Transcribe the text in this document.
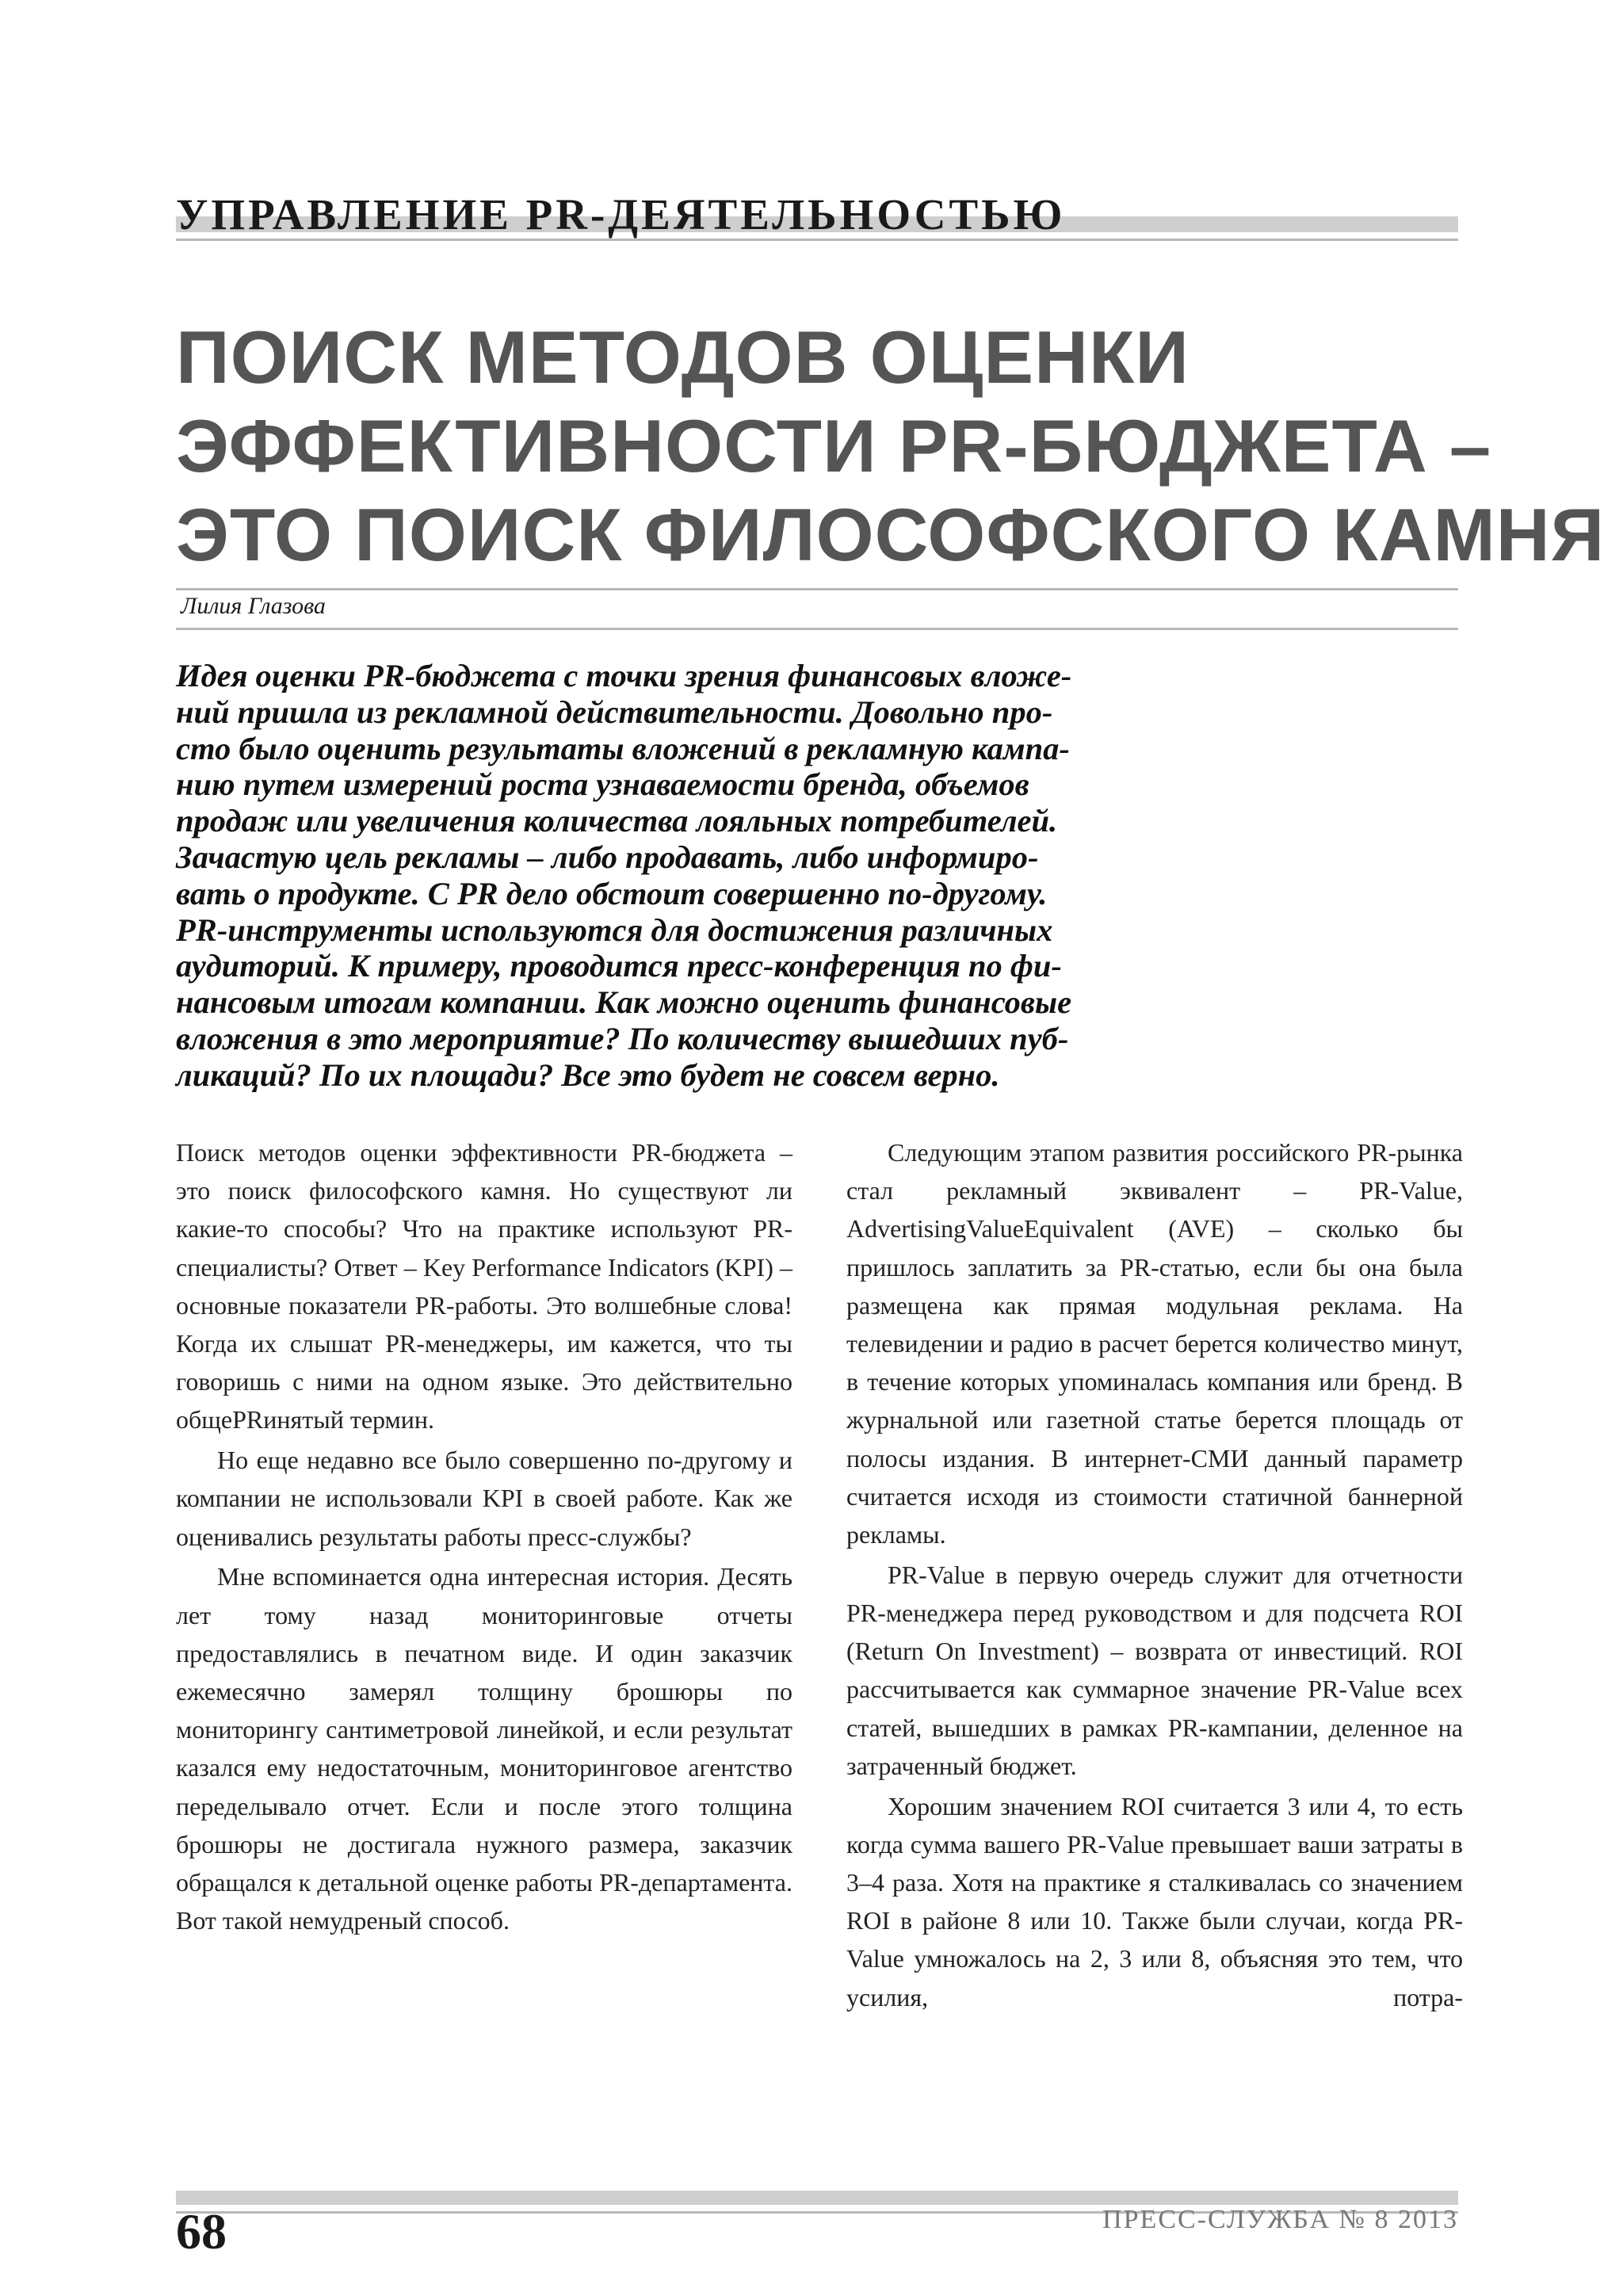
УПРАВЛЕНИЕ PR-ДЕЯТЕЛЬНОСТЬЮ
ПОИСК МЕТОДОВ ОЦЕНКИ
ЭФФЕКТИВНОСТИ PR-БЮДЖЕТА –
ЭТО ПОИСК ФИЛОСОФСКОГО КАМНЯ
Лилия Глазова
Идея оценки PR-бюджета с точки зрения финансовых вложе-
ний пришла из рекламной действительности. Довольно про-
сто было оценить результаты вложений в рекламную кампа-
нию путем измерений роста узнаваемости бренда, объемов
продаж или увеличения количества лояльных потребителей.
Зачастую цель рекламы – либо продавать, либо информиро-
вать о продукте. С PR дело обстоит совершенно по-другому.
PR-инструменты используются для достижения различных
аудиторий. К примеру, проводится пресс-конференция по фи-
нансовым итогам компании. Как можно оценить финансовые
вложения в это мероприятие? По количеству вышедших пуб-
ликаций? По их площади? Все это будет не совсем верно.

Поиск методов оценки эффективности PR-бюджета – это поиск философского камня. Но существуют ли какие-то способы? Что на практике используют PR-специалисты? Ответ – Key Performance Indicators (KPI) – основные показатели PR-работы. Это волшебные слова! Когда их слышат PR-менеджеры, им кажется, что ты говоришь с ними на одном языке. Это действительно общеPRинятый термин.

Но еще недавно все было совершенно по-другому и компании не использовали KPI в своей работе. Как же оценивались результаты работы пресс-службы?

Мне вспоминается одна интересная история. Десять лет тому назад мониторинговые отчеты предоставлялись в печатном виде. И один заказчик ежемесячно замерял толщину брошюры по мониторингу сантиметровой линейкой, и если результат казался ему недостаточным, мониторинговое агентство переделывало отчет. Если и после этого толщина брошюры не достигала нужного размера, заказчик обращался к детальной оценке работы PR-департамента. Вот такой немудреный способ.

Следующим этапом развития российского PR-рынка стал рекламный эквивалент – PR-Value, AdvertisingValueEquivalent (AVE) – сколько бы пришлось заплатить за PR-статью, если бы она была размещена как прямая модульная реклама. На телевидении и радио в расчет берется количество минут, в течение которых упоминалась компания или бренд. В журнальной или газетной статье берется площадь от полосы издания. В интернет-СМИ данный параметр считается исходя из стоимости статичной баннерной рекламы.

PR-Value в первую очередь служит для отчетности PR-менеджера перед руководством и для подсчета ROI (Return On Investment) – возврата от инвестиций. ROI рассчитывается как суммарное значение PR-Value всех статей, вышедших в рамках PR-кампании, деленное на затраченный бюджет.

Хорошим значением ROI считается 3 или 4, то есть когда сумма вашего PR-Value превышает ваши затраты в 3–4 раза. Хотя на практике я сталкивалась со значением ROI в районе 8 или 10. Также были случаи, когда PR-Value умножалось на 2, 3 или 8, объясняя это тем, что усилия, потра-

68	ПРЕСС-СЛУЖБА № 8 2013
